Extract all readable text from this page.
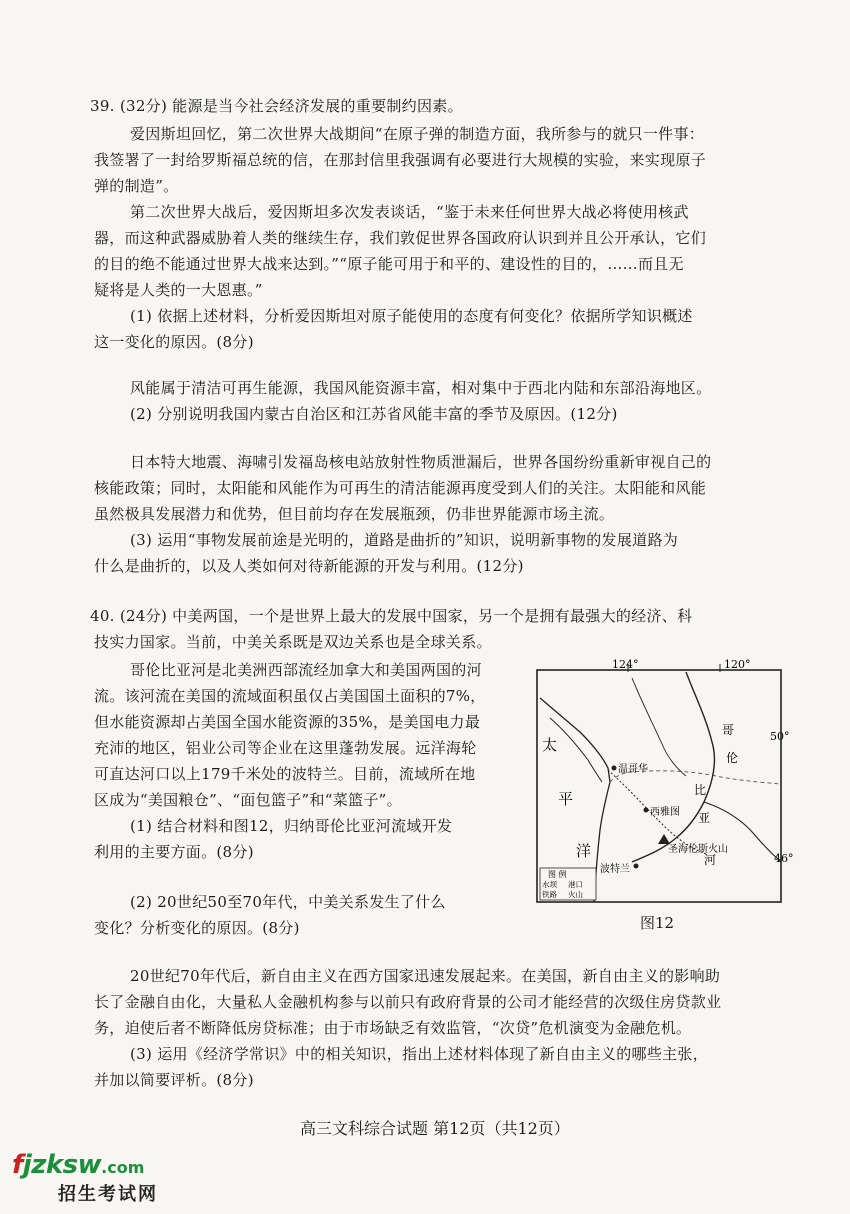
39. (32分) 能源是当今社会经济发展的重要制约因素。
爱因斯坦回忆，第二次世界大战期间“在原子弹的制造方面，我所参与的就只一件事：
我签署了一封给罗斯福总统的信，在那封信里我强调有必要进行大规模的实验，来实现原子
弹的制造”。
第二次世界大战后，爱因斯坦多次发表谈话，“鉴于未来任何世界大战必将使用核武
器，而这种武器威胁着人类的继续生存，我们敦促世界各国政府认识到并且公开承认，它们
的目的绝不能通过世界大战来达到。”“原子能可用于和平的、建设性的目的，……而且无
疑将是人类的一大恩惠。”
(1) 依据上述材料，分析爱因斯坦对原子能使用的态度有何变化？依据所学知识概述
这一变化的原因。(8分)
风能属于清洁可再生能源，我国风能资源丰富，相对集中于西北内陆和东部沿海地区。
(2) 分别说明我国内蒙古自治区和江苏省风能丰富的季节及原因。(12分)
日本特大地震、海啸引发福岛核电站放射性物质泄漏后，世界各国纷纷重新审视自己的
核能政策；同时，太阳能和风能作为可再生的清洁能源再度受到人们的关注。太阳能和风能
虽然极具发展潜力和优势，但目前均存在发展瓶颈，仍非世界能源市场主流。
(3) 运用“事物发展前途是光明的，道路是曲折的”知识，说明新事物的发展道路为
什么是曲折的，以及人类如何对待新能源的开发与利用。(12分)
40. (24分) 中美两国，一个是世界上最大的发展中国家，另一个是拥有最强大的经济、科
技实力国家。当前，中美关系既是双边关系也是全球关系。
哥伦比亚河是北美洲西部流经加拿大和美国两国的河
流。该河流在美国的流域面积虽仅占美国国土面积的7%，
但水能资源却占美国全国水能资源的35%，是美国电力最
充沛的地区，铝业公司等企业在这里蓬勃发展。远洋海轮
可直达河口以上179千米处的波特兰。目前，流域所在地
区成为“美国粮仓”、“面包篮子”和“菜篮子”。
(1) 结合材料和图12，归纳哥伦比亚河流域开发
利用的主要方面。(8分)
(2) 20世纪50至70年代，中美关系发生了什么
变化？分析变化的原因。(8分)
20世纪70年代后，新自由主义在西方国家迅速发展起来。在美国，新自由主义的影响助
长了金融自由化，大量私人金融机构参与以前只有政府背景的公司才能经营的次级住房贷款业
务，迫使后者不断降低房贷标准；由于市场缺乏有效监管，“次贷”危机演变为金融危机。
(3) 运用《经济学常识》中的相关知识，指出上述材料体现了新自由主义的哪些主张，
并加以简要评析。(8分)
124°	120°
50°
46°
太
平
洋
哥
伦
比
亚
河
温哥华
西雅图
圣海伦斯火山
波特兰
图 例
水坝 港口
铁路 火山
图12
高三文科综合试题 第12页（共12页）
fjzksw.com
招生考试网
